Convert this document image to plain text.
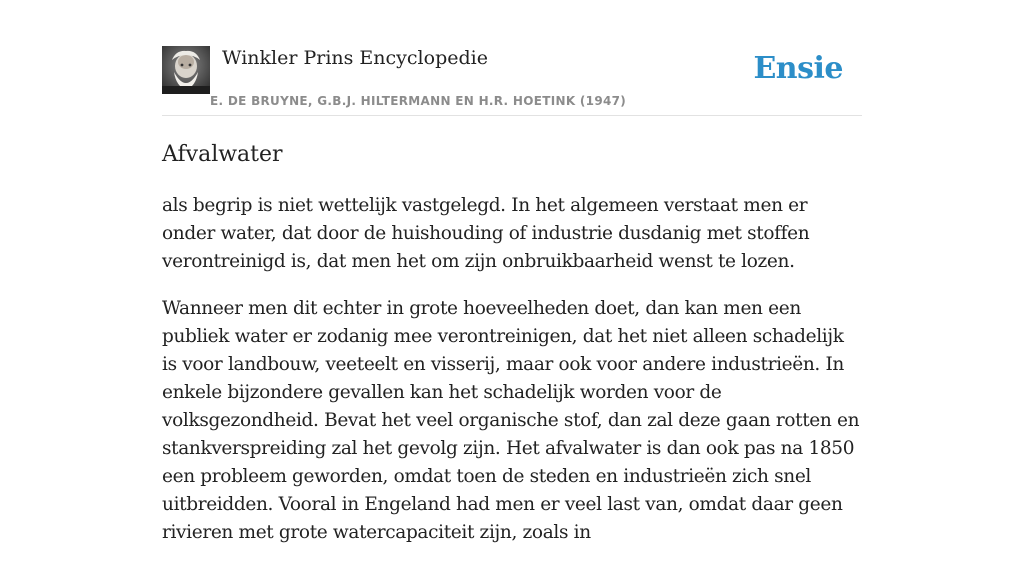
Winkler Prins Encyclopedie
E. DE BRUYNE, G.B.J. HILTERMANN EN H.R. HOETINK (1947)
Ensie
Afvalwater

als begrip is niet wettelijk vastgelegd. In het algemeen verstaat men er onder water, dat door de huishouding of industrie dusdanig met stoffen verontreinigd is, dat men het om zijn onbruikbaarheid wenst te lozen.

Wanneer men dit echter in grote hoeveelheden doet, dan kan men een publiek water er zodanig mee verontreinigen, dat het niet alleen schadelijk is voor landbouw, veeteelt en visserij, maar ook voor andere industrieën. In enkele bijzondere gevallen kan het schadelijk worden voor de volksgezondheid. Bevat het veel organische stof, dan zal deze gaan rotten en stankverspreiding zal het gevolg zijn. Het afvalwater is dan ook pas na 1850 een probleem geworden, omdat toen de steden en industrieën zich snel uitbreidden. Vooral in Engeland had men er veel last van, omdat daar geen rivieren met grote watercapaciteit zijn, zoals in
